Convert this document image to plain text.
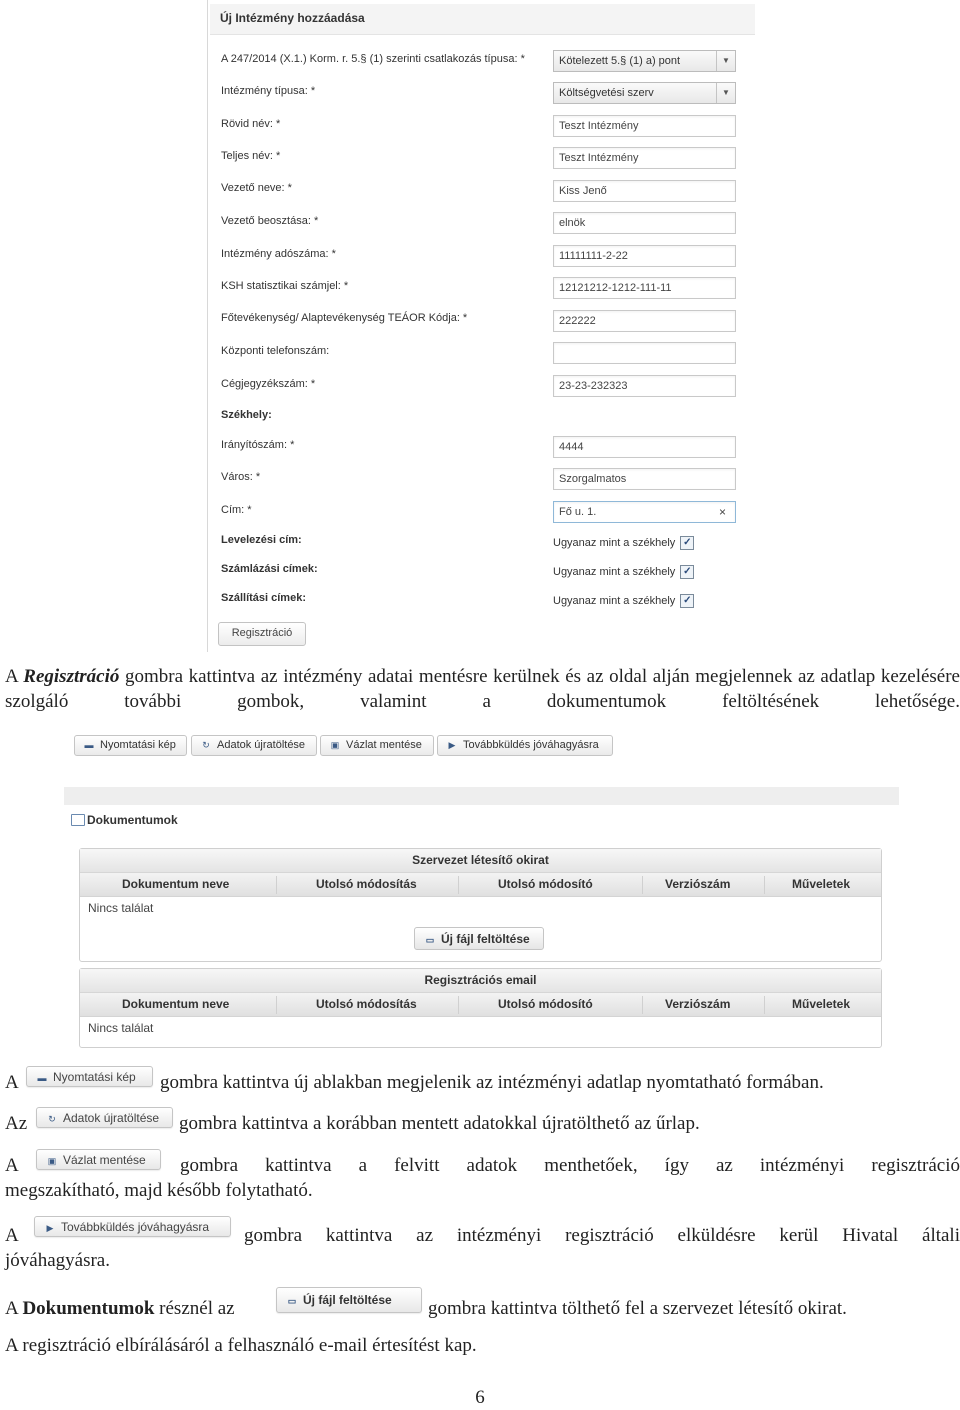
Új Intézmény hozzáadása
A 247/2014 (X.1.) Korm. r. 5.§ (1) szerinti csatlakozás típusa: *	Kötelezett 5.§ (1) a) pont	▼
Intézmény típusa: *	Költségvetési szerv	▼
Rövid név: *	Teszt Intézmény
Teljes név: *	Teszt Intézmény
Vezető neve: *	Kiss Jenő
Vezető beosztása: *	elnök
Intézmény adószáma: *	11111111-2-22
KSH statisztikai számjel: *	12121212-1212-111-11
Főtevékenység/ Alaptevékenység TEÁOR Kódja: *	222222
Központi telefonszám:
Cégjegyzékszám: *	23-23-232323
Székhely:
Irányítószám: *	4444
Város: *	Szorgalmatos
Cím: *	Fő u. 1.	×
Levelezési cím:	Ugyanaz mint a székhely ✓
Számlázási címek:	Ugyanaz mint a székhely ✓
Szállítási címek:	Ugyanaz mint a székhely ✓
Regisztráció
A Regisztráció gombra kattintva az intézmény adatai mentésre kerülnek és az oldal alján megjelennek az adatlap kezelésére szolgáló további gombok, valamint a dokumentumok feltöltésének lehetősége.
▬ Nyomtatási kép	↻ Adatok újratöltése	▣ Vázlat mentése	▶ Továbbküldés jóváhagyásra
Dokumentumok
Szervezet létesítő okirat
Dokumentum neve	Utolsó módosítás	Utolsó módosító	Verziószám	Műveletek
Nincs találat
▭ Új fájl feltöltése
Regisztrációs email
Dokumentum neve	Utolsó módosítás	Utolsó módosító	Verziószám	Műveletek
Nincs találat
A	gombra kattintva új ablakban megjelenik az intézményi adatlap nyomtatható formában.
▬ Nyomtatási kép
Az	gombra kattintva a korábban mentett adatokkal újratölthető az űrlap.
↻ Adatok újratöltése
A	gombra kattintva a felvitt adatok menthetőek, így az intézményi regisztráció
megszakítható, majd később folytatható.
▣ Vázlat mentése
A	gombra kattintva az intézményi regisztráció elküldésre kerül Hivatal általi
jóváhagyásra.
▶ Továbbküldés jóváhagyásra
A Dokumentumok résznél az	gombra kattintva tölthető fel a szervezet létesítő okirat.
▭ Új fájl feltöltése
A regisztráció elbírálásáról a felhasználó e-mail értesítést kap.
6
